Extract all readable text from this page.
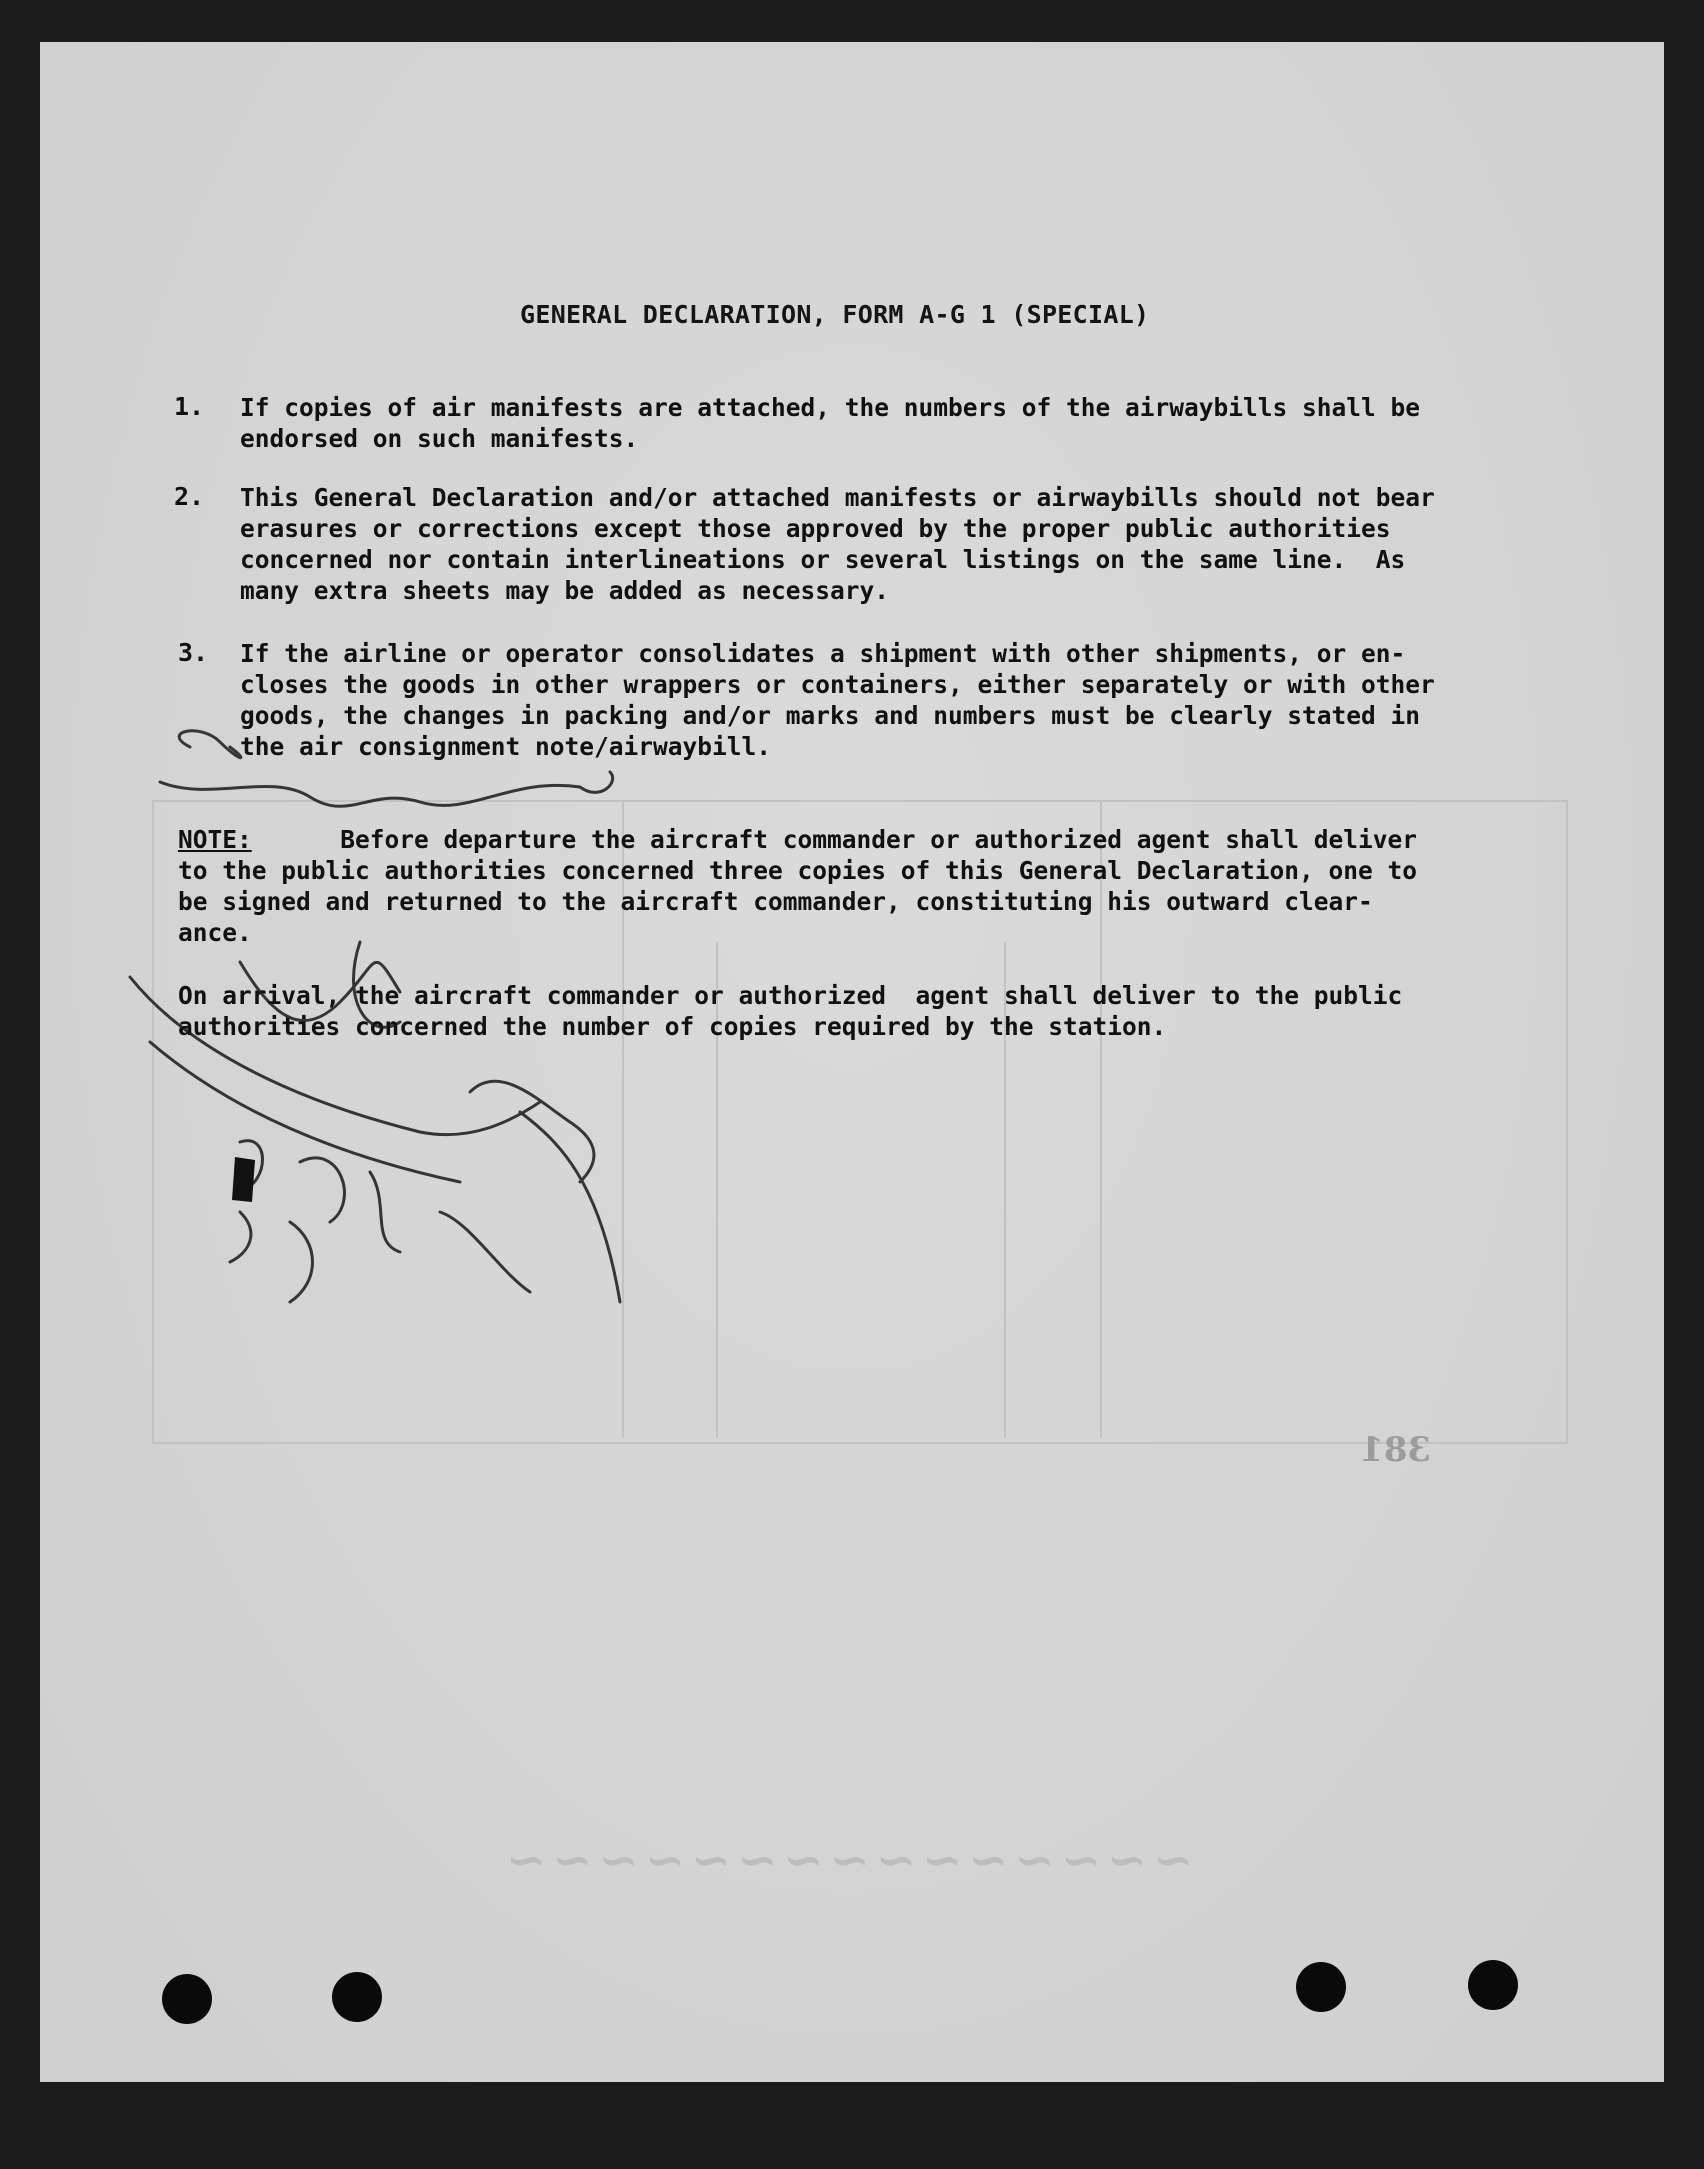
~~~~~~~~~~~~~~~
381
GENERAL DECLARATION, FORM A-G 1 (SPECIAL)
1. If copies of air manifests are attached, the numbers of the airwaybills shall be
endorsed on such manifests.
2. This General Declaration and/or attached manifests or airwaybills should not bear
erasures or corrections except those approved by the proper public authorities
concerned nor contain interlineations or several listings on the same line.  As
many extra sheets may be added as necessary.
3. If the airline or operator consolidates a shipment with other shipments, or en-
closes the goods in other wrappers or containers, either separately or with other
goods, the changes in packing and/or marks and numbers must be clearly stated in
the air consignment note/airwaybill.
NOTE:      Before departure the aircraft commander or authorized agent shall deliver
to the public authorities concerned three copies of this General Declaration, one to
be signed and returned to the aircraft commander, constituting his outward clear-
ance.
On arrival, the aircraft commander or authorized  agent shall deliver to the public
authorities concerned the number of copies required by the station.
